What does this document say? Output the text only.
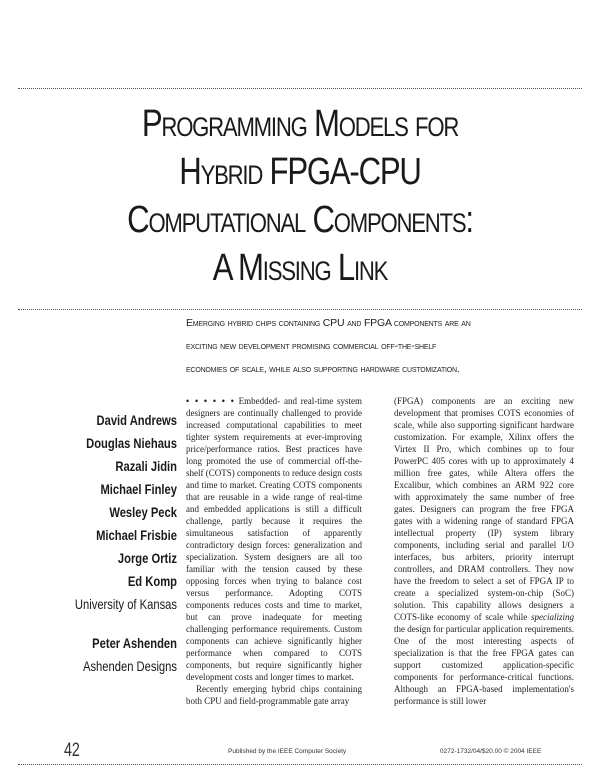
Programming Models for
Hybrid FPGA-CPU
Computational Components:
A Missing Link
Emerging hybrid chips containing CPU and FPGA components are an
exciting new development promising commercial off-the-shelf
economies of scale, while also supporting hardware customization.
David Andrews
Douglas Niehaus
Razali Jidin
Michael Finley
Wesley Peck
Michael Frisbie
Jorge Ortiz
Ed Komp
University of Kansas
Peter Ashenden
Ashenden Designs

• • • • • • Embedded- and real-time system designers are continually challenged to provide increased computational capabilities to meet tighter system requirements at ever-improving price/performance ratios. Best practices have long promoted the use of commercial off-the-shelf (COTS) components to reduce design costs and time to market. Creating COTS components that are reusable in a wide range of real-time and embedded applications is still a difficult challenge, partly because it requires the simultaneous satisfaction of apparently contradictory design forces: generalization and specialization. System designers are all too familiar with the tension caused by these opposing forces when trying to balance cost versus performance. Adopting COTS components reduces costs and time to market, but can prove inadequate for meeting challenging performance requirements. Custom components can achieve significantly higher performance when compared to COTS components, but require significantly higher development costs and longer times to market.

Recently emerging hybrid chips containing both CPU and field-programmable gate array

(FPGA) components are an exciting new development that promises COTS economies of scale, while also supporting significant hardware customization. For example, Xilinx offers the Virtex II Pro, which combines up to four PowerPC 405 cores with up to approximately 4 million free gates, while Altera offers the Excalibur, which combines an ARM 922 core with approximately the same number of free gates. Designers can program the free FPGA gates with a widening range of standard FPGA intellectual property (IP) system library components, including serial and parallel I/O interfaces, bus arbiters, priority interrupt controllers, and DRAM controllers. They now have the freedom to select a set of FPGA IP to create a specialized system-on-chip (SoC) solution. This capability allows designers a COTS-like economy of scale while specializing the design for particular application requirements. One of the most interesting aspects of specialization is that the free FPGA gates can support customized application-specific components for performance-critical functions. Although an FPGA-based implementation's performance is still lower

42	Published by the IEEE Computer Society	0272-1732/04/$20.00 © 2004 IEEE
